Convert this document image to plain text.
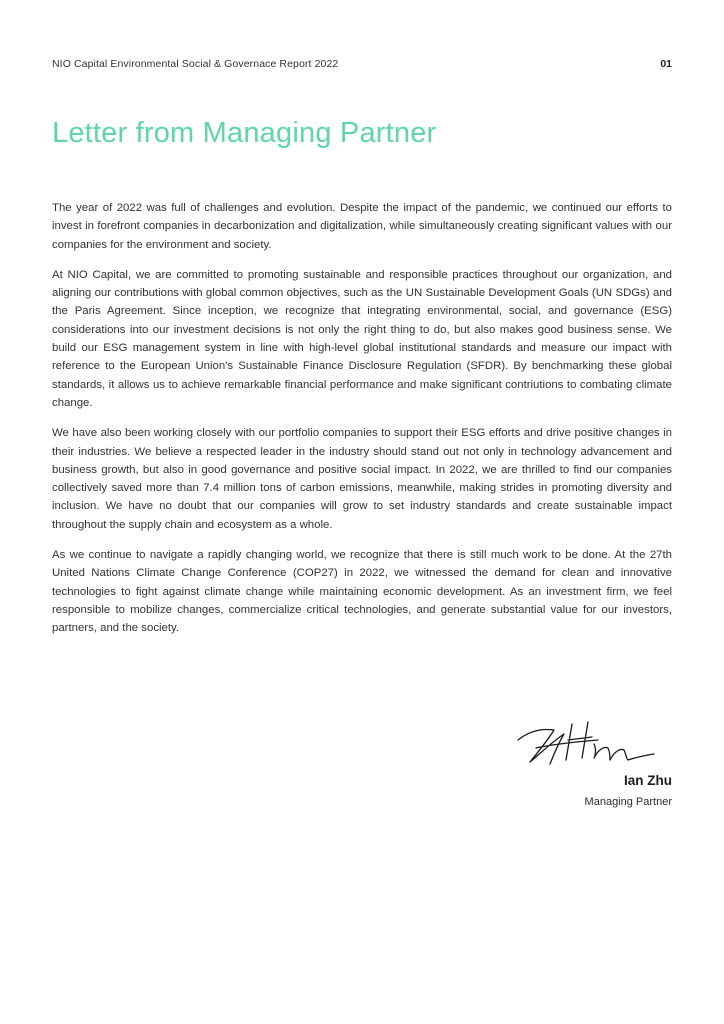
NIO Capital Environmental Social & Governace Report 2022	01
Letter from Managing Partner

The year of 2022 was full of challenges and evolution. Despite the impact of the pandemic, we continued our efforts to invest in forefront companies in decarbonization and digitalization, while simultaneously creating significant values with our companies for the environment and society.

At NIO Capital, we are committed to promoting sustainable and responsible practices throughout our organization, and aligning our contributions with global common objectives, such as the UN Sustainable Development Goals (UN SDGs) and the Paris Agreement. Since inception, we recognize that integrating environmental, social, and governance (ESG) considerations into our investment decisions is not only the right thing to do, but also makes good business sense. We build our ESG management system in line with high-level global institutional standards and measure our impact with reference to the European Union's Sustainable Finance Disclosure Regulation (SFDR). By benchmarking these global standards, it allows us to achieve remarkable financial performance and make significant contriutions to combating climate change.

We have also been working closely with our portfolio companies to support their ESG efforts and drive positive changes in their industries. We believe a respected leader in the industry should stand out not only in technology advancement and business growth, but also in good governance and positive social impact. In 2022, we are thrilled to find our companies collectively saved more than 7.4 million tons of carbon emissions, meanwhile, making strides in promoting diversity and inclusion. We have no doubt that our companies will grow to set industry standards and create sustainable impact throughout the supply chain and ecosystem as a whole.

As we continue to navigate a rapidly changing world, we recognize that there is still much work to be done. At the 27th United Nations Climate Change Conference (COP27) in 2022, we witnessed the demand for clean and innovative technologies to fight against climate change while maintaining economic development. As an investment firm, we feel responsible to mobilize changes, commercialize critical technologies, and generate substantial value for our investors, partners, and the society.

Ian Zhu
Managing Partner
